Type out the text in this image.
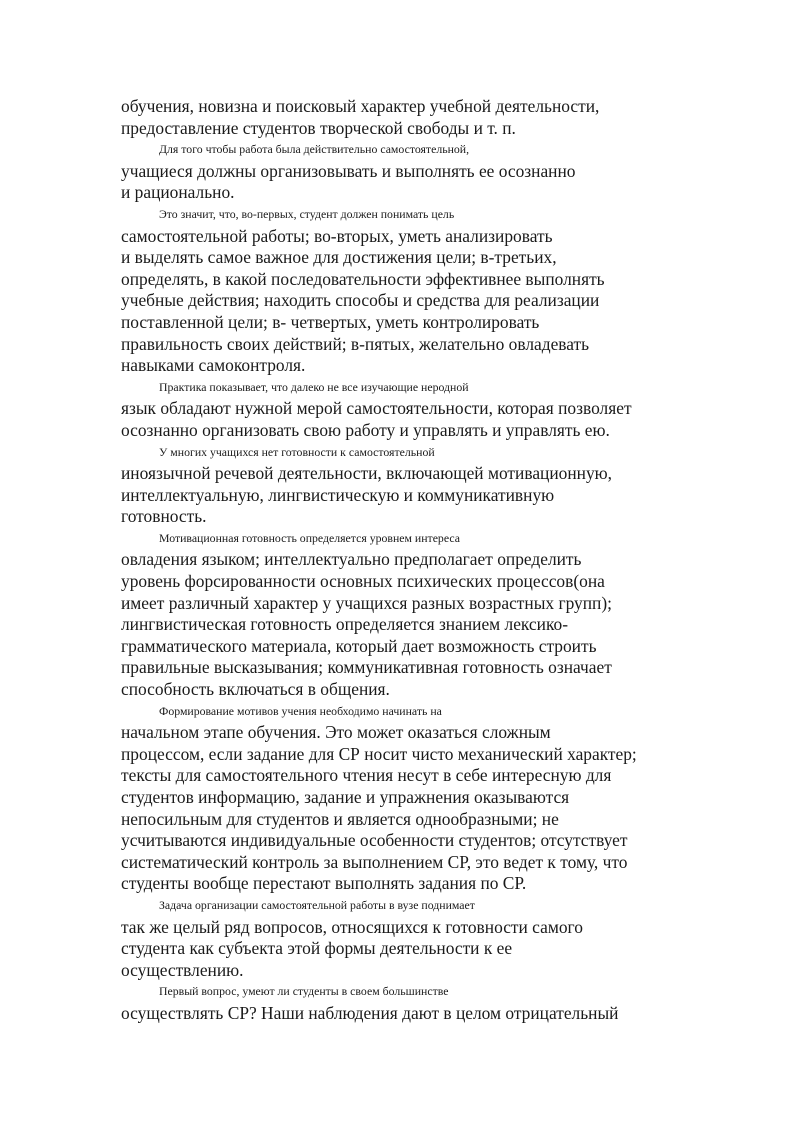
обучения, новизна и поисковый характер учебной деятельности,
предоставление студентов творческой свободы и т. п.
Для того чтобы работа была действительно самостоятельной,
учащиеся должны организовывать и выполнять ее осознанно
и рационально.
Это значит, что, во-первых, студент должен понимать цель
самостоятельной работы; во-вторых, уметь анализировать
и выделять самое важное для достижения цели; в-третьих,
определять, в какой последовательности эффективнее выполнять
учебные действия; находить способы и средства для реализации
поставленной цели; в- четвертых, уметь контролировать
правильность своих действий; в-пятых, желательно овладевать
навыками самоконтроля.
Практика показывает, что далеко не все изучающие неродной
язык обладают нужной мерой самостоятельности, которая позволяет
осознанно организовать свою работу и управлять и управлять ею.
У многих учащихся нет готовности к самостоятельной
иноязычной речевой деятельности, включающей мотивационную,
интеллектуальную, лингвистическую и коммуникативную
готовность.
Мотивационная готовность определяется уровнем интереса
овладения языком; интеллектуально предполагает определить
уровень форсированности основных психических процессов(она
имеет различный характер у учащихся разных возрастных групп);
лингвистическая готовность определяется знанием лексико-
грамматического материала, который дает возможность строить
правильные высказывания; коммуникативная готовность означает
способность включаться в общения.
Формирование мотивов учения необходимо начинать на
начальном этапе обучения. Это может оказаться сложным
процессом, если задание для СР носит чисто механический характер;
тексты для самостоятельного чтения несут в себе интересную для
студентов информацию, задание и упражнения оказываются
непосильным для студентов и является однообразными; не
усчитываются индивидуальные особенности студентов; отсутствует
систематический контроль за выполнением СР, это ведет к тому, что
студенты вообще перестают выполнять задания по СР.
Задача организации самостоятельной работы в вузе поднимает
так же целый ряд вопросов, относящихся к готовности самого
студента как субъекта этой формы деятельности к ее
осуществлению.
Первый вопрос, умеют ли студенты в своем большинстве
осуществлять СР? Наши наблюдения дают в целом отрицательный
